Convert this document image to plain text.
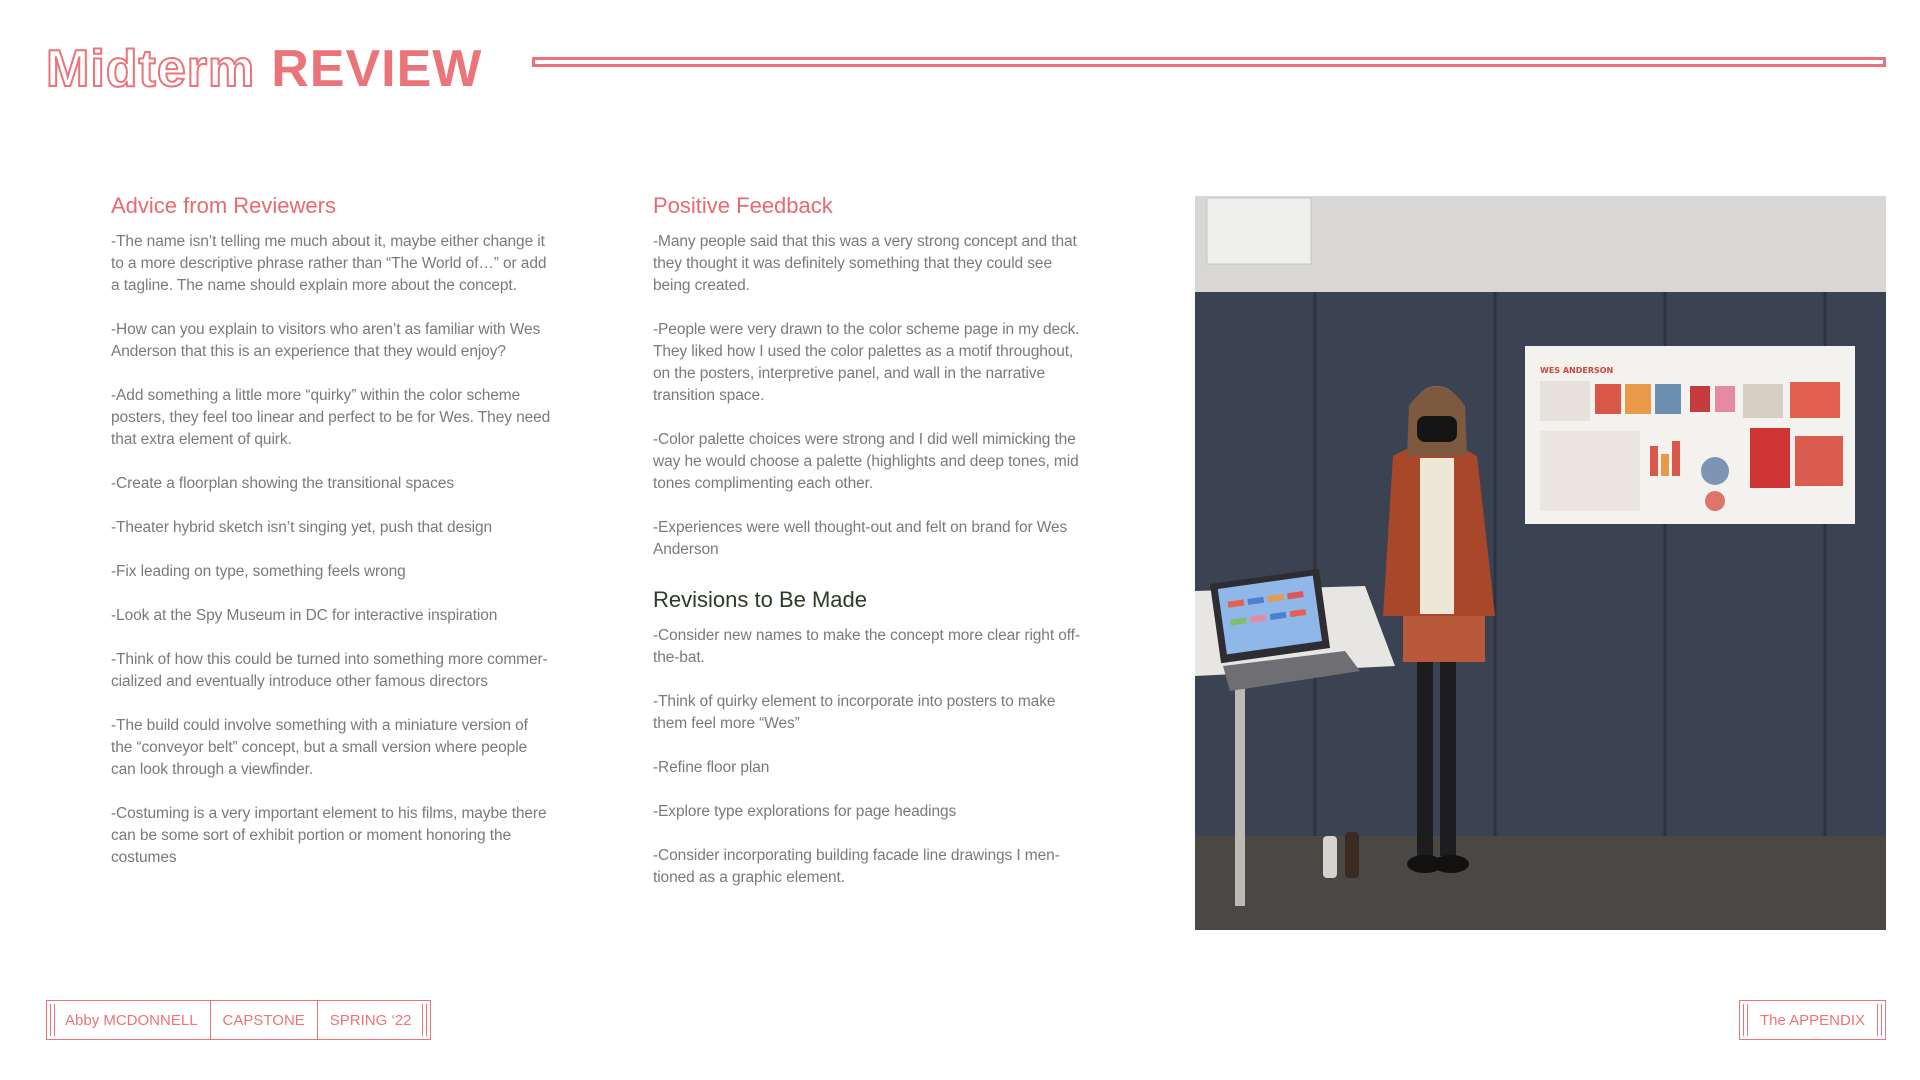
Midterm REVIEW
Advice from Reviewers

-The name isn’t telling me much about it, maybe either change it to a more descriptive phrase rather than “The World of…” or add a tagline. The name should explain more about the concept.

-How can you explain to visitors who aren’t as familiar with Wes Anderson that this is an experience that they would enjoy?

-Add something a little more “quirky” within the color scheme posters, they feel too linear and perfect to be for Wes. They need that extra element of quirk.

-Create a floorplan showing the transitional spaces

-Theater hybrid sketch isn’t singing yet, push that design

-Fix leading on type, something feels wrong

-Look at the Spy Museum in DC for interactive inspiration

-Think of how this could be turned into something more commer-cialized and eventually introduce other famous directors

-The build could involve something with a miniature version of the “conveyor belt” concept, but a small version where people can look through a viewfinder.

-Costuming is a very important element to his films, maybe there can be some sort of exhibit portion or moment honoring the costumes

Positive Feedback

-Many people said that this was a very strong concept and that they thought it was definitely something that they could see being created.

-People were very drawn to the color scheme page in my deck. They liked how I used the color palettes as a motif throughout, on the posters, interpretive panel, and wall in the narrative transition space.

-Color palette choices were strong and I did well mimicking the way he would choose a palette (highlights and deep tones, mid tones complimenting each other.

-Experiences were well thought-out and felt on brand for Wes Anderson

Revisions to Be Made

-Consider new names to make the concept more clear right off-the-bat.

-Think of quirky element to incorporate into posters to make them feel more “Wes”

-Refine floor plan

-Explore type explorations for page headings

-Consider incorporating building facade line drawings I men-tioned as a graphic element.

WES ANDERSON
Abby MCDONNELL	CAPSTONE	SPRING ‘22	The APPENDIX
